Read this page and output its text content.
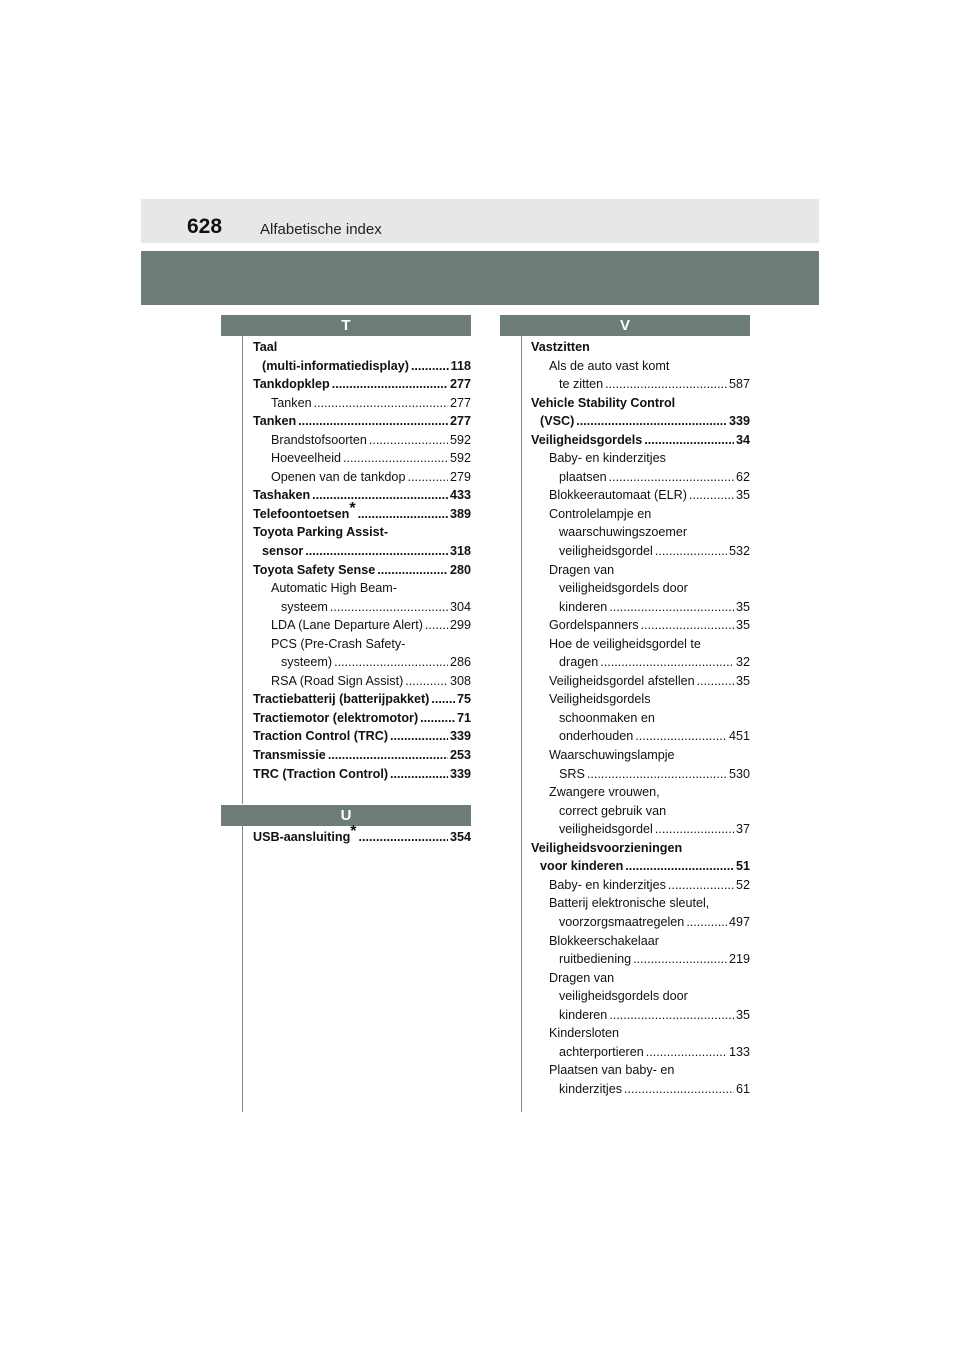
628	Alfabetische index
T
Taal
(multi-informatiedisplay) .....	118
Tankdopklep .....	277
Tanken .....	277
Tanken .....	277
Brandstofsoorten .....	592
Hoeveelheid .....	592
Openen van de tankdop .....	279
Tashaken .....	433
Telefoontoetsen* .....	389
Toyota Parking Assist-
sensor .....	318
Toyota Safety Sense .....	280
Automatic High Beam-
systeem .....	304
LDA (Lane Departure Alert) ..... 299
PCS (Pre-Crash Safety-
systeem) .....	286
RSA (Road Sign Assist) .....	308
Tractiebatterij (batterijpakket) ..... 75
Tractiemotor (elektromotor) .....	71
Traction Control (TRC) .....	339
Transmissie .....	253
TRC (Traction Control) .....	339
U
USB-aansluiting* .....	354
V
Vastzitten
Als de auto vast komt
te zitten .....	587
Vehicle Stability Control
(VSC) .....	339
Veiligheidsgordels .....	34
Baby- en kinderzitjes
plaatsen .....	62
Blokkeerautomaat (ELR) .....	35
Controlelampje en
waarschuwingszoemer
veiligheidsgordel .....	532
Dragen van
veiligheidsgordels door
kinderen .....	35
Gordelspanners .....	35
Hoe de veiligheidsgordel te
dragen .....	32
Veiligheidsgordel afstellen .....	35
Veiligheidsgordels
schoonmaken en
onderhouden .....	451
Waarschuwingslampje
SRS .....	530
Zwangere vrouwen,
correct gebruik van
veiligheidsgordel .....	37
Veiligheidsvoorzieningen
voor kinderen .....	51
Baby- en kinderzitjes .....	52
Batterij elektronische sleutel,
voorzorgsmaatregelen .....	497
Blokkeerschakelaar
ruitbediening .....	219
Dragen van
veiligheidsgordels door
kinderen .....	35
Kindersloten
achterportieren .....	133
Plaatsen van baby- en
kinderzitjes .....	61
